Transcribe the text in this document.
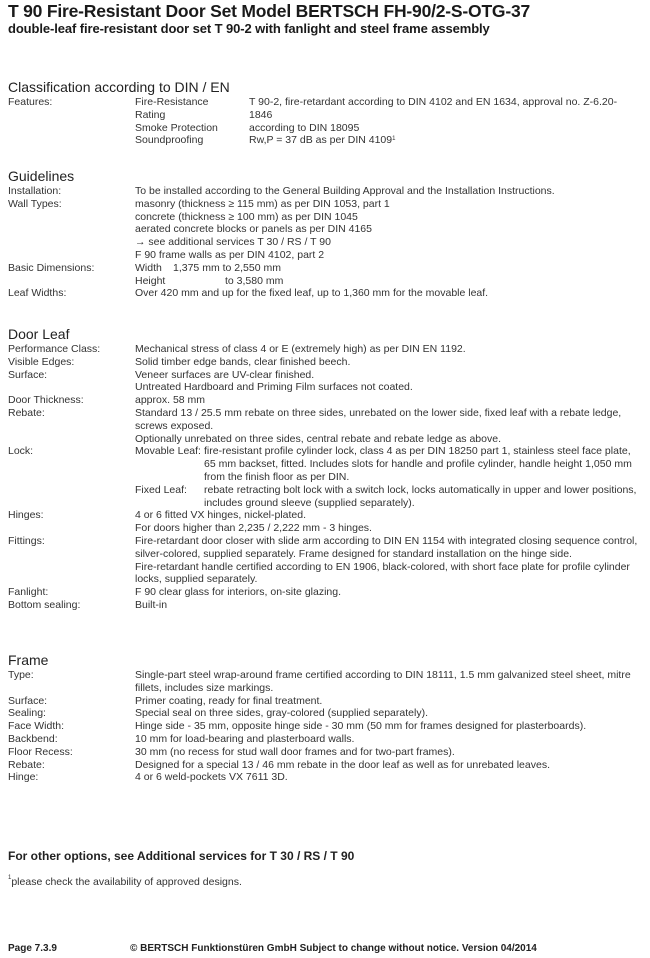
T 90 Fire-Resistant Door Set Model BERTSCH FH-90/2-S-OTG-37
double-leaf fire-resistant door set T 90-2 with fanlight and steel frame assembly
Classification according to DIN / EN
Features:	Fire-Resistance	T 90-2, fire-retardant according to DIN 4102 and EN 1634, approval no. Z-6.20-
Rating	1846
Smoke Protection	according to DIN 18095
Soundproofing	Rw,P = 37 dB as per DIN 4109$^1$
Guidelines
Installation:	To be installed according to the General Building Approval and the Installation Instructions.
Wall Types:	masonry (thickness ≥ 115 mm) as per DIN 1053, part 1
concrete (thickness ≥ 100 mm) as per DIN 1045
aerated concrete blocks or panels as per DIN 4165
→ see additional services T 30 / RS / T 90
F 90 frame walls as per DIN 4102, part 2
Basic Dimensions:	Width	1,375 mm to 2,550 mm
Height	to 3,580 mm
Leaf Widths:	Over 420 mm and up for the fixed leaf, up to 1,360 mm for the movable leaf.
Door Leaf
Performance Class:	Mechanical stress of class 4 or E (extremely high) as per DIN EN 1192.
Visible Edges:	Solid timber edge bands, clear finished beech.
Surface:	Veneer surfaces are UV-clear finished.
Untreated Hardboard and Priming Film surfaces not coated.
Door Thickness:	approx. 58 mm
Rebate:	Standard 13 / 25.5 mm rebate on three sides, unrebated on the lower side, fixed leaf with a rebate ledge, screws exposed.
Optionally unrebated on three sides, central rebate and rebate ledge as above.
Lock:	Movable Leaf: fire-resistant profile cylinder lock, class 4 as per DIN 18250 part 1, stainless steel face plate, 65 mm backset, fitted. Includes slots for handle and profile cylinder, handle height 1,050 mm from the finish floor as per DIN.
Fixed Leaf:	rebate retracting bolt lock with a switch lock, locks automatically in upper and lower positions, includes ground sleeve (supplied separately).
Hinges:	4 or 6 fitted VX hinges, nickel-plated.
For doors higher than 2,235 / 2,222 mm - 3 hinges.
Fittings:	Fire-retardant door closer with slide arm according to DIN EN 1154 with integrated closing sequence control, silver-colored, supplied separately. Frame designed for standard installation on the hinge side.
Fire-retardant handle certified according to EN 1906, black-colored, with short face plate for profile cylinder locks, supplied separately.
Fanlight:	F 90 clear glass for interiors, on-site glazing.
Bottom sealing:	Built-in
Frame
Type:	Single-part steel wrap-around frame certified according to DIN 18111, 1.5 mm galvanized steel sheet, mitre fillets, includes size markings.
Surface:	Primer coating, ready for final treatment.
Sealing:	Special seal on three sides, gray-colored (supplied separately).
Face Width:	Hinge side - 35 mm, opposite hinge side - 30 mm (50 mm for frames designed for plasterboards).
Backbend:	10 mm for load-bearing and plasterboard walls.
Floor Recess:	30 mm (no recess for stud wall door frames and for two-part frames).
Rebate:	Designed for a special 13 / 46 mm rebate in the door leaf as well as for unrebated leaves.
Hinge:	4 or 6 weld-pockets VX 7611 3D.
For other options, see Additional services for T 30 / RS / T 90
$^1$please check the availability of approved designs.
Page 7.3.9	© BERTSCH Funktionstüren GmbH Subject to change without notice. Version 04/2014
